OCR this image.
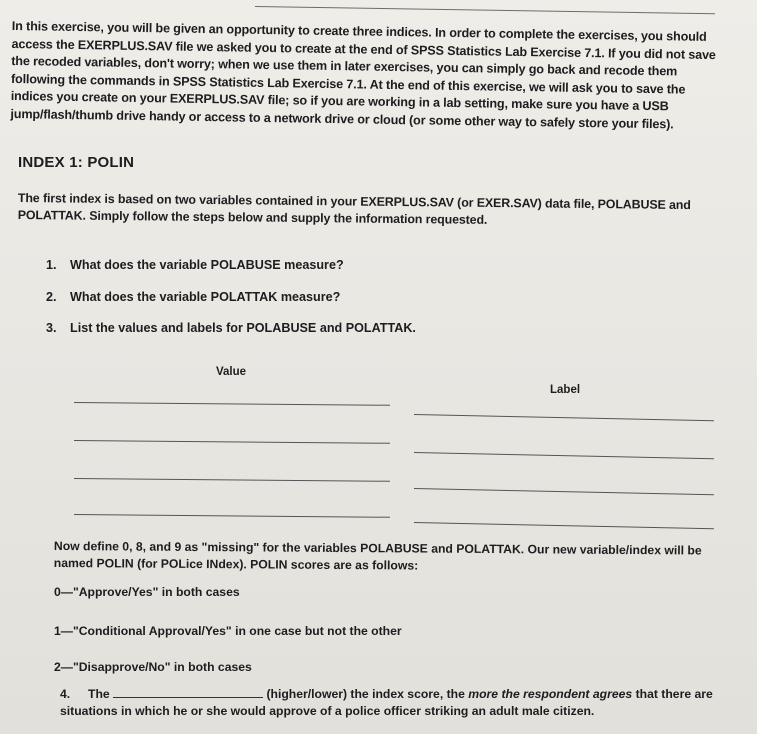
In this exercise, you will be given an opportunity to create three indices. In order to complete the exercises, you should access the EXERPLUS.SAV file we asked you to create at the end of SPSS Statistics Lab Exercise 7.1. If you did not save the recoded variables, don't worry; when we use them in later exercises, you can simply go back and recode them following the commands in SPSS Statistics Lab Exercise 7.1. At the end of this exercise, we will ask you to save the indices you create on your EXERPLUS.SAV file; so if you are working in a lab setting, make sure you have a USB jump/flash/thumb drive handy or access to a network drive or cloud (or some other way to safely store your files).

INDEX 1: POLIN

The first index is based on two variables contained in your EXERPLUS.SAV (or EXER.SAV) data file, POLABUSE and POLATTAK. Simply follow the steps below and supply the information requested.

1. What does the variable POLABUSE measure?

2. What does the variable POLATTAK measure?

3. List the values and labels for POLABUSE and POLATTAK.

Value

Label

Now define 0, 8, and 9 as "missing" for the variables POLABUSE and POLATTAK. Our new variable/index will be named POLIN (for POLice INdex). POLIN scores are as follows:

0—"Approve/Yes" in both cases

1—"Conditional Approval/Yes" in one case but not the other

2—"Disapprove/No" in both cases

4. The	(higher/lower) the index score, the more the respondent agrees that there are situations in which he or she would approve of a police officer striking an adult male citizen.
